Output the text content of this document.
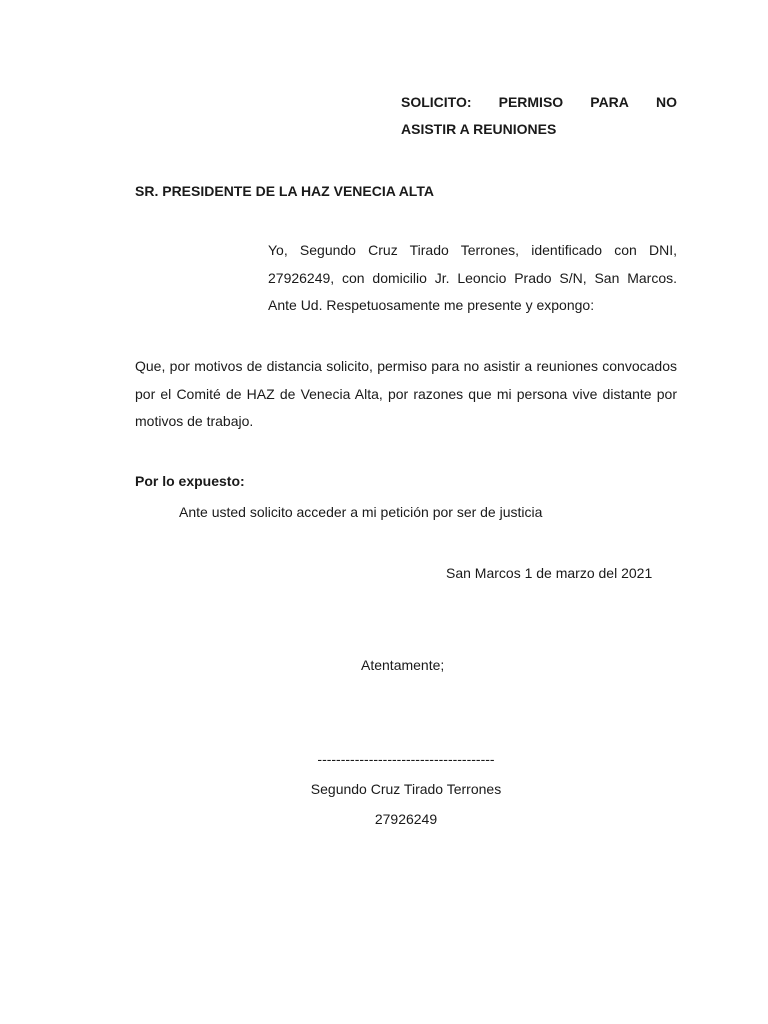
SOLICITO: PERMISO PARA NO
ASISTIR A REUNIONES
SR. PRESIDENTE DE LA HAZ VENECIA ALTA
Yo, Segundo Cruz Tirado Terrones, identificado con DNI, 27926249, con domicilio Jr. Leoncio Prado S/N, San Marcos. Ante Ud. Respetuosamente me presente y expongo:
Que, por motivos de distancia solicito, permiso para no asistir a reuniones convocados por el Comité de HAZ de Venecia Alta, por razones que mi persona vive distante por motivos de trabajo.
Por lo expuesto:
Ante usted solicito acceder a mi petición por ser de justicia
San Marcos 1 de marzo del 2021
Atentamente;
--------------------------------------
Segundo Cruz Tirado Terrones
27926249
